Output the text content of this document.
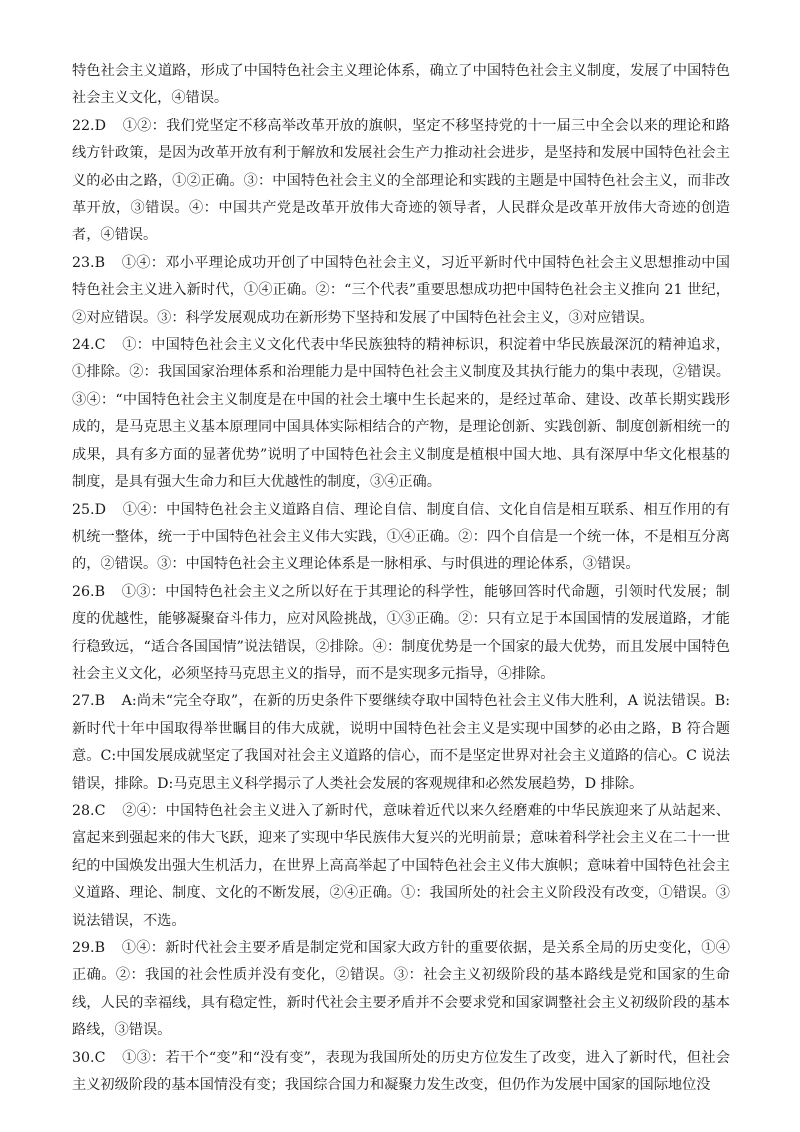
特色社会主义道路，形成了中国特色社会主义理论体系，确立了中国特色社会主义制度，发展了中国特色社会主义文化，④错误。

22.D　 ①②：我们党坚定不移高举改革开放的旗帜，坚定不移坚持党的十一届三中全会以来的理论和路线方针政策，是因为改革开放有利于解放和发展社会生产力推动社会进步，是坚持和发展中国特色社会主义的必由之路，①②正确。③：中国特色社会主义的全部理论和实践的主题是中国特色社会主义，而非改革开放，③错误。④：中国共产党是改革开放伟大奇迹的领导者，人民群众是改革开放伟大奇迹的创造者，④错误。

23.B　 ①④：邓小平理论成功开创了中国特色社会主义，习近平新时代中国特色社会主义思想推动中国特色社会主义进入新时代，①④正确。②：“三个代表”重要思想成功把中国特色社会主义推向 21 世纪，②对应错误。③：科学发展观成功在新形势下坚持和发展了中国特色社会主义，③对应错误。

24.C　 ①：中国特色社会主义文化代表中华民族独特的精神标识，积淀着中华民族最深沉的精神追求，①排除。②：我国国家治理体系和治理能力是中国特色社会主义制度及其执行能力的集中表现，②错误。③④：“中国特色社会主义制度是在中国的社会土壤中生长起来的，是经过革命、建设、改革长期实践形成的，是马克思主义基本原理同中国具体实际相结合的产物，是理论创新、实践创新、制度创新相统一的成果，具有多方面的显著优势”说明了中国特色社会主义制度是植根中国大地、具有深厚中华文化根基的制度，是具有强大生命力和巨大优越性的制度，③④正确。

25.D　 ①④：中国特色社会主义道路自信、理论自信、制度自信、文化自信是相互联系、相互作用的有机统一整体，统一于中国特色社会主义伟大实践，①④正确。②：四个自信是一个统一体，不是相互分离的，②错误。③：中国特色社会主义理论体系是一脉相承、与时俱进的理论体系，③错误。

26.B　 ①③：中国特色社会主义之所以好在于其理论的科学性，能够回答时代命题，引领时代发展；制度的优越性，能够凝聚奋斗伟力，应对风险挑战，①③正确。②：只有立足于本国国情的发展道路，才能行稳致远，“适合各国国情”说法错误，②排除。④：制度优势是一个国家的最大优势，而且发展中国特色社会主义文化，必须坚持马克思主义的指导，而不是实现多元指导，④排除。

27.B　 A:尚未“完全夺取”，在新的历史条件下要继续夺取中国特色社会主义伟大胜利，A 说法错误。B:新时代十年中国取得举世瞩目的伟大成就，说明中国特色社会主义是实现中国梦的必由之路，B 符合题意。C:中国发展成就坚定了我国对社会主义道路的信心，而不是坚定世界对社会主义道路的信心。C 说法错误，排除。D:马克思主义科学揭示了人类社会发展的客观规律和必然发展趋势，D 排除。

28.C　 ②④：中国特色社会主义进入了新时代，意味着近代以来久经磨难的中华民族迎来了从站起来、富起来到强起来的伟大飞跃，迎来了实现中华民族伟大复兴的光明前景；意味着科学社会主义在二十一世纪的中国焕发出强大生机活力，在世界上高高举起了中国特色社会主义伟大旗帜；意味着中国特色社会主义道路、理论、制度、文化的不断发展，②④正确。①：我国所处的社会主义阶段没有改变，①错误。③说法错误，不选。

29.B　 ①④：新时代社会主要矛盾是制定党和国家大政方针的重要依据，是关系全局的历史变化，①④正确。②：我国的社会性质并没有变化，②错误。③：社会主义初级阶段的基本路线是党和国家的生命线，人民的幸福线，具有稳定性，新时代社会主要矛盾并不会要求党和国家调整社会主义初级阶段的基本路线，③错误。

30.C　 ①③：若干个“变”和“没有变”，表现为我国所处的历史方位发生了改变，进入了新时代，但社会主义初级阶段的基本国情没有变；我国综合国力和凝聚力发生改变，但仍作为发展中国家的国际地位没
